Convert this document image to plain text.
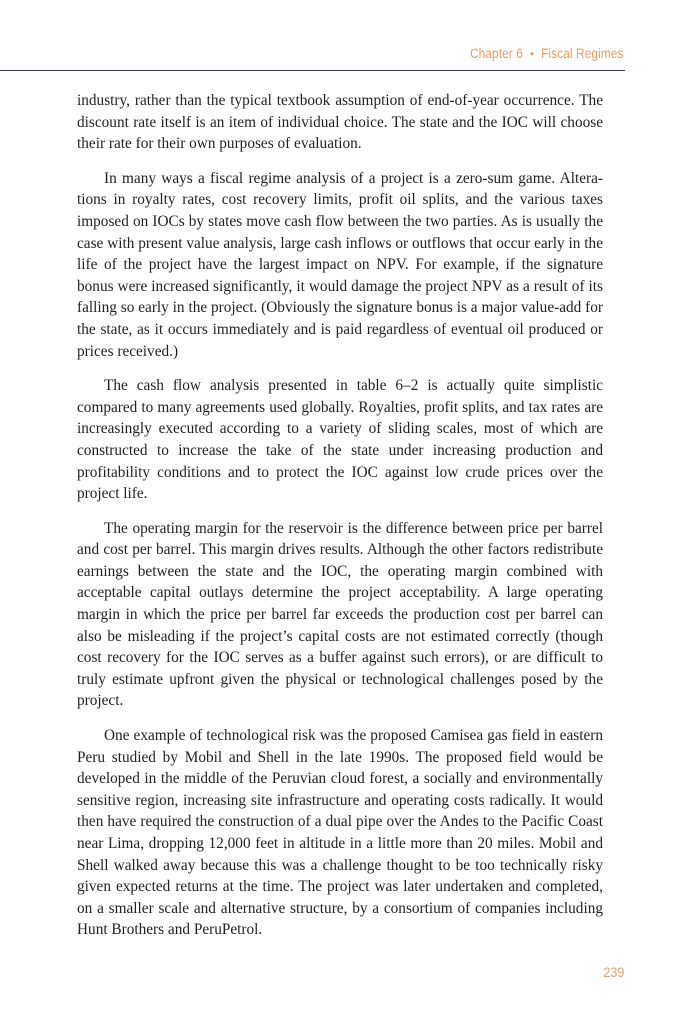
Chapter 6 • Fiscal Regimes

industry, rather than the typical textbook assumption of end-of-year occurrence. The discount rate itself is an item of individual choice. The state and the IOC will choose their rate for their own purposes of evaluation.

In many ways a fiscal regime analysis of a project is a zero-sum game. Alterations in royalty rates, cost recovery limits, profit oil splits, and the various taxes imposed on IOCs by states move cash flow between the two parties. As is usually the case with present value analysis, large cash inflows or outflows that occur early in the life of the project have the largest impact on NPV. For example, if the signature bonus were increased significantly, it would damage the project NPV as a result of its falling so early in the project. (Obviously the signature bonus is a major value-add for the state, as it occurs immediately and is paid regardless of eventual oil produced or prices received.)

The cash flow analysis presented in table 6–2 is actually quite simplistic compared to many agreements used globally. Royalties, profit splits, and tax rates are increasingly executed according to a variety of sliding scales, most of which are constructed to increase the take of the state under increasing production and profitability conditions and to protect the IOC against low crude prices over the project life.

The operating margin for the reservoir is the difference between price per barrel and cost per barrel. This margin drives results. Although the other factors redistribute earnings between the state and the IOC, the operating margin combined with acceptable capital outlays determine the project acceptability. A large operating margin in which the price per barrel far exceeds the production cost per barrel can also be misleading if the project’s capital costs are not estimated correctly (though cost recovery for the IOC serves as a buffer against such errors), or are difficult to truly estimate upfront given the physical or technological challenges posed by the project.

One example of technological risk was the proposed Camisea gas field in eastern Peru studied by Mobil and Shell in the late 1990s. The proposed field would be developed in the middle of the Peruvian cloud forest, a socially and environmentally sensitive region, increasing site infrastructure and operating costs radically. It would then have required the construction of a dual pipe over the Andes to the Pacific Coast near Lima, dropping 12,000 feet in altitude in a little more than 20 miles. Mobil and Shell walked away because this was a challenge thought to be too technically risky given expected returns at the time. The project was later undertaken and completed, on a smaller scale and alternative structure, by a consortium of companies including Hunt Brothers and PeruPetrol.

239
